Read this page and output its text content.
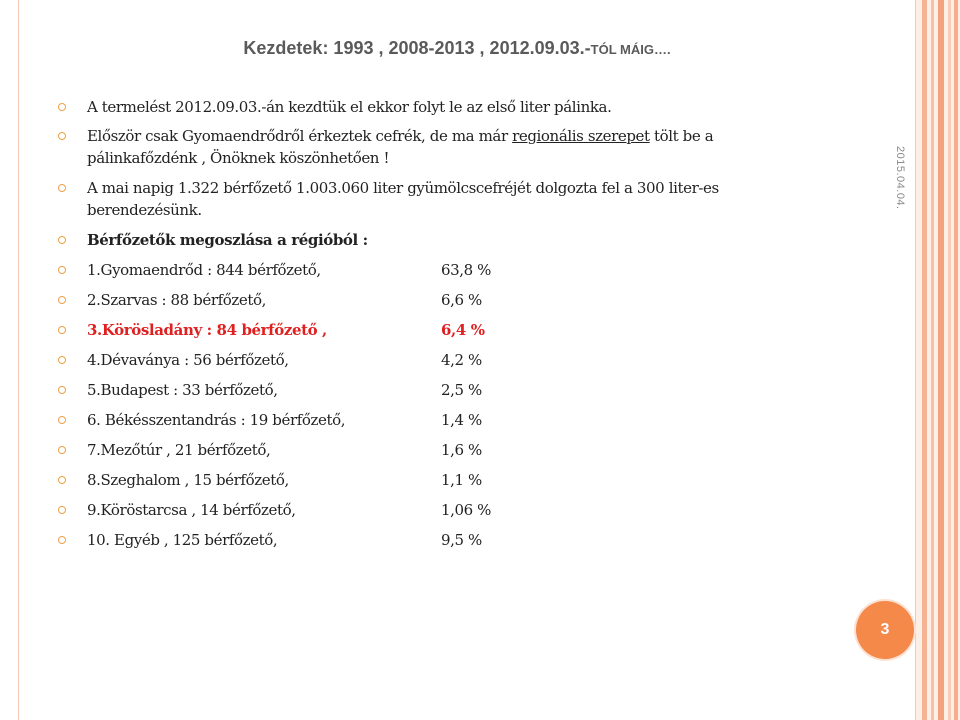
Kezdetek: 1993 , 2008-2013 , 2012.09.03.-TÓL MÁIG….
2015.04.04.
A termelést 2012.09.03.-án kezdtük el ekkor folyt le az első liter pálinka.
Először csak Gyomaendrődről érkeztek cefrék, de ma már regionális szerepet tölt be a pálinkafőzdénk , Önöknek köszönhetően !
A mai napig 1.322 bérfőzető 1.003.060 liter gyümölcscefréjét dolgozta fel a 300 liter-es berendezésünk.
Bérfőzetők megoszlása a régióból :
1.Gyomaendrőd : 844 bérfőzető,	63,8 %
2.Szarvas : 88 bérfőzető,	6,6 %
3.Körösladány : 84 bérfőzető ,	6,4 %
4.Dévaványa : 56 bérfőzető,	4,2 %
5.Budapest : 33 bérfőzető,	2,5 %
6. Békésszentandrás : 19 bérfőzető,	1,4 %
7.Mezőtúr , 21 bérfőzető,	1,6 %
8.Szeghalom , 15 bérfőzető,	1,1 %
9.Köröstarcsa , 14 bérfőzető,	1,06 %
10. Egyéb , 125 bérfőzető,	9,5 %
3
